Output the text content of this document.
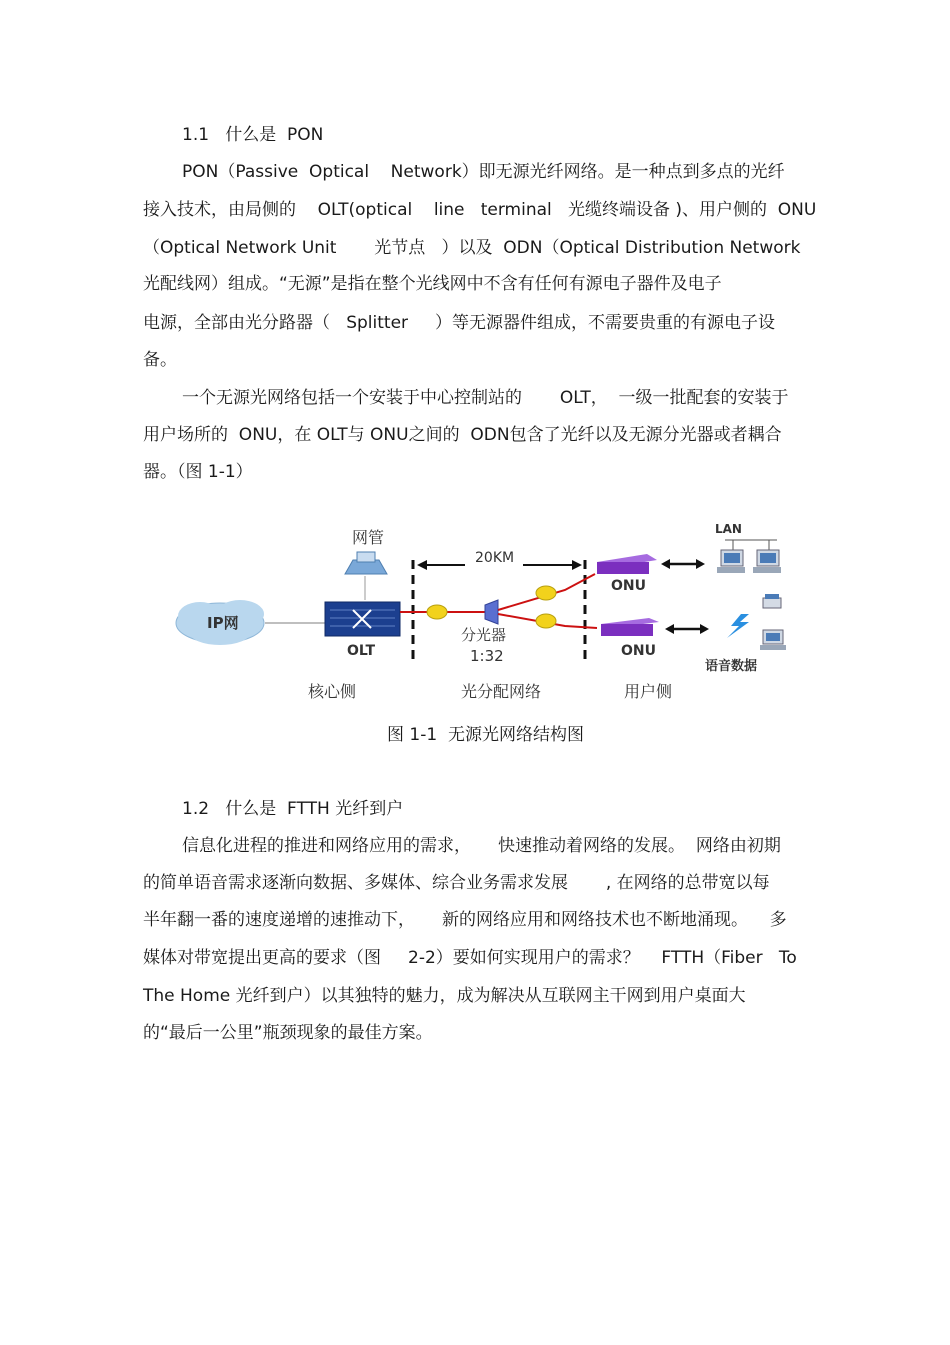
1.1   什么是  PON
PON（Passive  Optical    Network）即无源光纤网络。是一种点到多点的光纤
接入技术，由局侧的    OLT(optical    line   terminal   光缆终端设备 )、用户侧的  ONU
（Optical Network Unit       光节点   ）以及  ODN（Optical Distribution Network
光配线网）组成。“无源”是指在整个光线网中不含有任何有源电子器件及电子
电源，全部由光分路器（   Splitter     ）等无源器件组成，不需要贵重的有源电子设
备。
一个无源光网络包括一个安装于中心控制站的       OLT，  一级一批配套的安装于
用户场所的  ONU，在 OLT与 ONU之间的  ODN包含了光纤以及无源分光器或者耦合
器。（图 1-1）
IP网
网管
OLT
20KM
分光器
1:32
ONU
ONU
LAN
语音数据
核心侧	光分配网络	用户侧
图 1-1  无源光网络结构图
1.2   什么是  FTTH 光纤到户
信息化进程的推进和网络应用的需求，     快速推动着网络的发展。  网络由初期
的简单语音需求逐渐向数据、多媒体、综合业务需求发展       , 在网络的总带宽以每
半年翻一番的速度递增的速推动下，     新的网络应用和网络技术也不断地涌现。    多
媒体对带宽提出更高的要求（图     2-2）要如何实现用户的需求？    FTTH（Fiber   To
The Home 光纤到户）以其独特的魅力，成为解决从互联网主干网到用户桌面大
的“最后一公里”瓶颈现象的最佳方案。
